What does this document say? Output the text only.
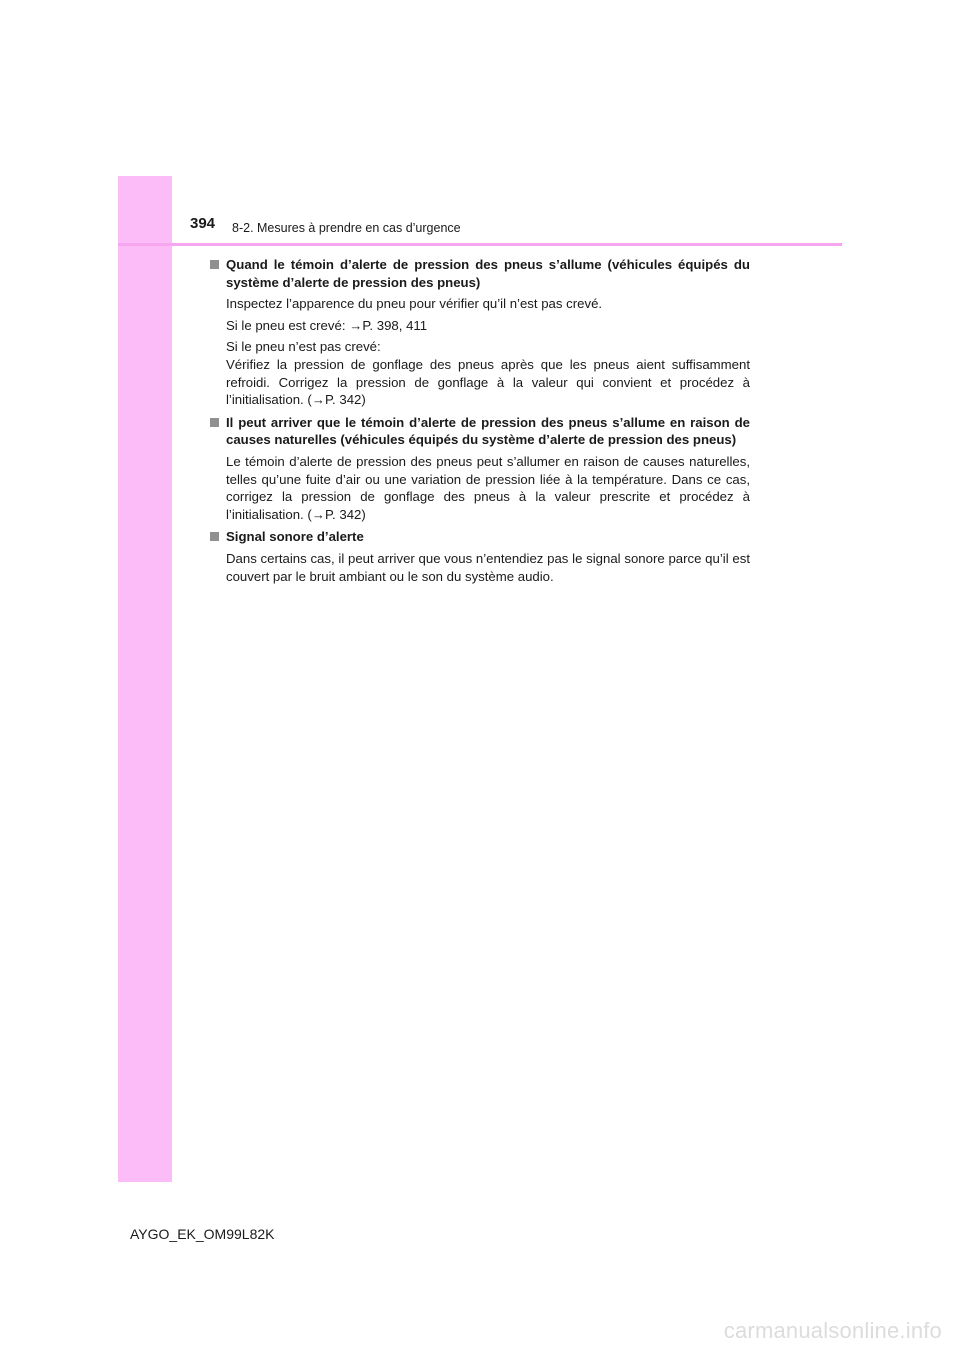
394 8-2. Mesures à prendre en cas d’urgence
Quand le témoin d’alerte de pression des pneus s’allume (véhicules équipés du système d’alerte de pression des pneus)
Inspectez l’apparence du pneu pour vérifier qu’il n’est pas crevé.
Si le pneu est crevé: →P. 398, 411
Si le pneu n’est pas crevé:
Vérifiez la pression de gonflage des pneus après que les pneus aient suffisamment refroidi. Corrigez la pression de gonflage à la valeur qui convient et procédez à l’initialisation. (→P. 342)
Il peut arriver que le témoin d’alerte de pression des pneus s’allume en raison de causes naturelles (véhicules équipés du système d’alerte de pression des pneus)
Le témoin d’alerte de pression des pneus peut s’allumer en raison de causes naturelles, telles qu’une fuite d’air ou une variation de pression liée à la température. Dans ce cas, corrigez la pression de gonflage des pneus à la valeur prescrite et procédez à l’initialisation. (→P. 342)
Signal sonore d’alerte
Dans certains cas, il peut arriver que vous n’entendiez pas le signal sonore parce qu’il est couvert par le bruit ambiant ou le son du système audio.
AYGO_EK_OM99L82K
carmanualsonline.info
